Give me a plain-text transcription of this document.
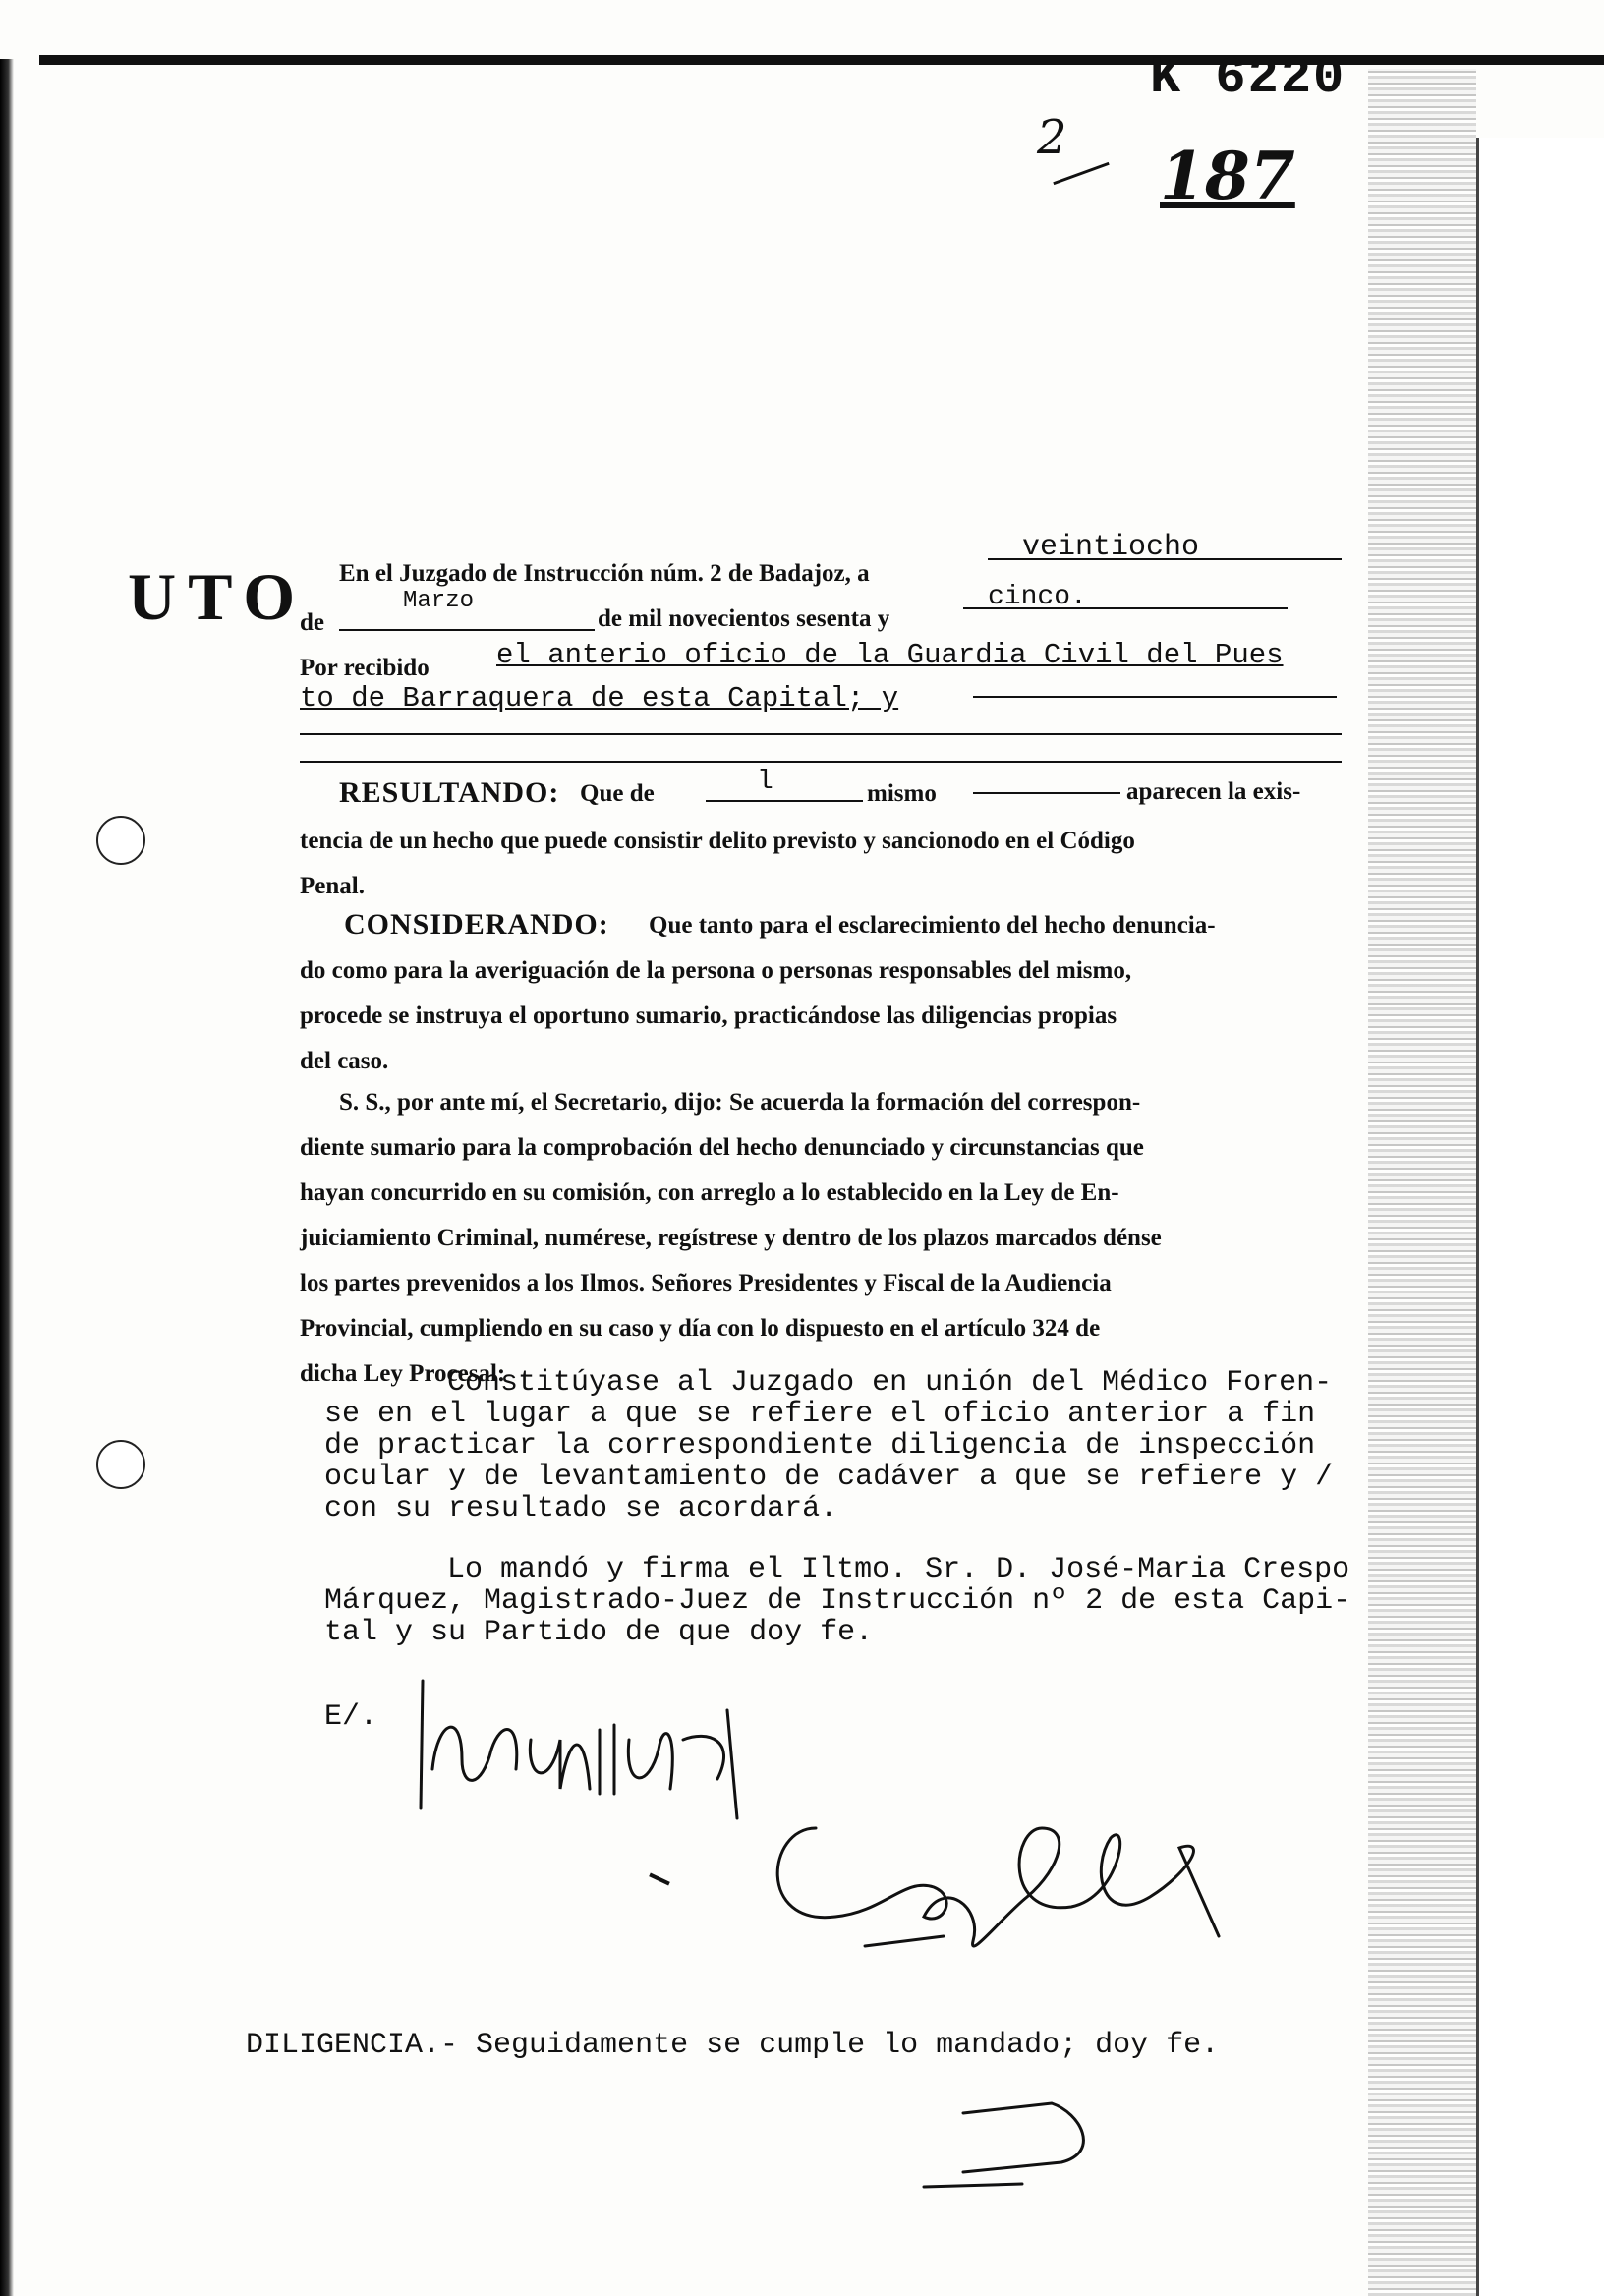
K 6220
2 187
UTO En el Juzgado de Instrucción núm. 2 de Badajoz, a
veintiocho
de
Marzo
de mil novecientos sesenta y
cinco.
Por recibido el anterio oficio de la Guardia Civil del Pues
to de Barraquera de esta Capital; y
RESULTANDO: Que de	l	mismo	aparecen la exis-
tencia de un hecho que puede consistir delito previsto y sancionodo en el Código
Penal.
CONSIDERANDO: Que tanto para el esclarecimiento del hecho denuncia-
do como para la averiguación de la persona o personas responsables del mismo,
procede se instruya el oportuno sumario, practicándose las diligencias propias
del caso.
S. S., por ante mí, el Secretario, dijo: Se acuerda la formación del correspon-
diente sumario para la comprobación del hecho denunciado y circunstancias que
hayan concurrido en su comisión, con arreglo a lo establecido en la Ley de En-
juiciamiento Criminal, numérese, regístrese y dentro de los plazos marcados dénse
los partes prevenidos a los Ilmos. Señores Presidentes y Fiscal de la Audiencia
Provincial, cumpliendo en su caso y día con lo dispuesto en el artículo 324 de
dicha Ley Procesal:
Constitúyase al Juzgado en unión del Médico Foren-
se en el lugar a que se refiere el oficio anterior a fin
de practicar la correspondiente diligencia de inspección
ocular y de levantamiento de cadáver a que se refiere y /
con su resultado se acordará.
Lo mandó y firma el Iltmo. Sr. D. José-Maria Crespo
Márquez, Magistrado-Juez de Instrucción nº 2 de esta Capi-
tal y su Partido de que doy fe.
E/.
DILIGENCIA.- Seguidamente se cumple lo mandado; doy fe.
